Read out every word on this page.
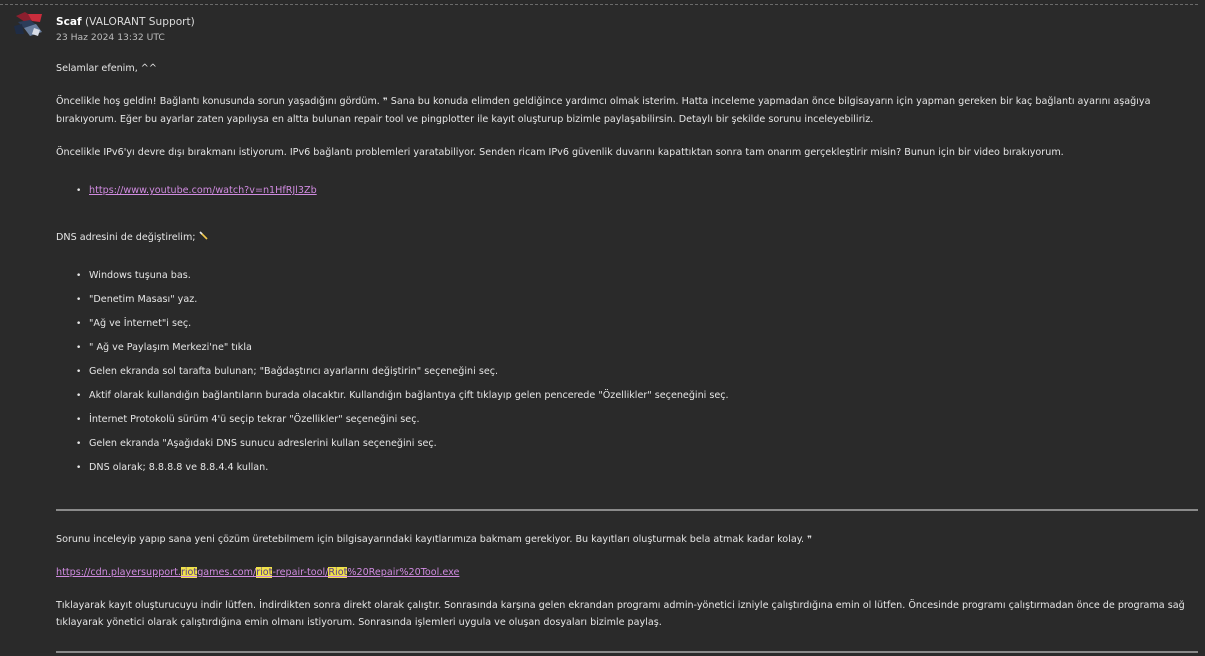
Scaf (VALORANT Support)
23 Haz 2024 13:32 UTC

Selamlar efenim, ^^

Öncelikle hoş geldin! Bağlantı konusunda sorun yaşadığını gördüm. ❞ Sana bu konuda elimden geldiğince yardımcı olmak isterim. Hatta inceleme yapmadan önce bilgisayarın için yapman gereken bir kaç bağlantı ayarını aşağıya bırakıyorum. Eğer bu ayarlar zaten yapılıysa en altta bulunan repair tool ve pingplotter ile kayıt oluşturup bizimle paylaşabilirsin. Detaylı bir şekilde sorunu inceleyebiliriz.

Öncelikle IPv6'yı devre dışı bırakmanı istiyorum. IPv6 bağlantı problemleri yaratabiliyor. Senden ricam IPv6 güvenlik duvarını kapattıktan sonra tam onarım gerçekleştirir misin? Bunun için bir video bırakıyorum.

• https://www.youtube.com/watch?v=n1HfRJl3Zb

DNS adresini de değiştirelim;

• Windows tuşuna bas.
• "Denetim Masası" yaz.
• "Ağ ve İnternet"i seç.
• " Ağ ve Paylaşım Merkezi'ne" tıkla
• Gelen ekranda sol tarafta bulunan; "Bağdaştırıcı ayarlarını değiştirin" seçeneğini seç.
• Aktif olarak kullandığın bağlantıların burada olacaktır. Kullandığın bağlantıya çift tıklayıp gelen pencerede "Özellikler" seçeneğini seç.
• İnternet Protokolü sürüm 4'ü seçip tekrar "Özellikler" seçeneğini seç.
• Gelen ekranda "Aşağıdaki DNS sunucu adreslerini kullan seçeneğini seç.
• DNS olarak; 8.8.8.8 ve 8.8.4.4 kullan.

Sorunu inceleyip yapıp sana yeni çözüm üretebilmem için bilgisayarındaki kayıtlarımıza bakmam gerekiyor. Bu kayıtları oluşturmak bela atmak kadar kolay. ❞

https://cdn.playersupport.riotgames.com/riot-repair-tool/Riot%20Repair%20Tool.exe

Tıklayarak kayıt oluşturucuyu indir lütfen. İndirdikten sonra direkt olarak çalıştır. Sonrasında karşına gelen ekrandan programı admin-yönetici izniyle çalıştırdığına emin ol lütfen. Öncesinde programı çalıştırmadan önce de programa sağ tıklayarak yönetici olarak çalıştırdığına emin olmanı istiyorum. Sonrasında işlemleri uygula ve oluşan dosyaları bizimle paylaş.
